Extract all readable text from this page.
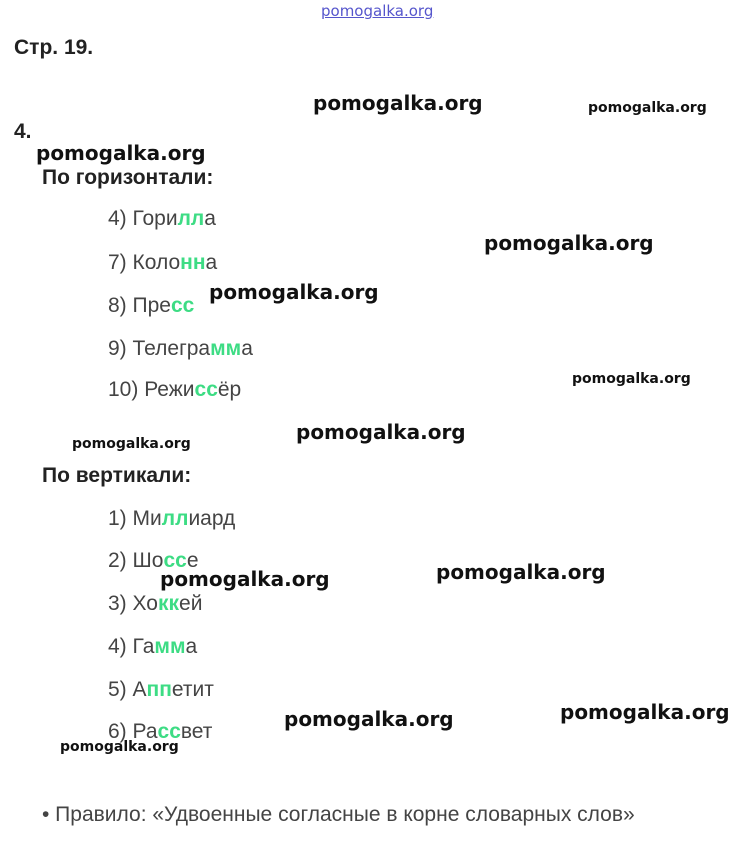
pomogalka.org
Стр. 19.
4.
По горизонтали:
4) Горилла
7) Колонна
8) Пресс
9) Телеграмма
10) Режиссёр
По вертикали:
1) Миллиард
2) Шоссе
3) Хоккей
4) Гамма
5) Аппетит
6) Рассвет
• Правило: «Удвоенные согласные в корне словарных слов»
pomogalka.org	pomogalka.org
pomogalka.org
pomogalka.org
pomogalka.org
pomogalka.org
pomogalka.org
pomogalka.org
pomogalka.org
pomogalka.org
pomogalka.org
pomogalka.org
pomogalka.org
